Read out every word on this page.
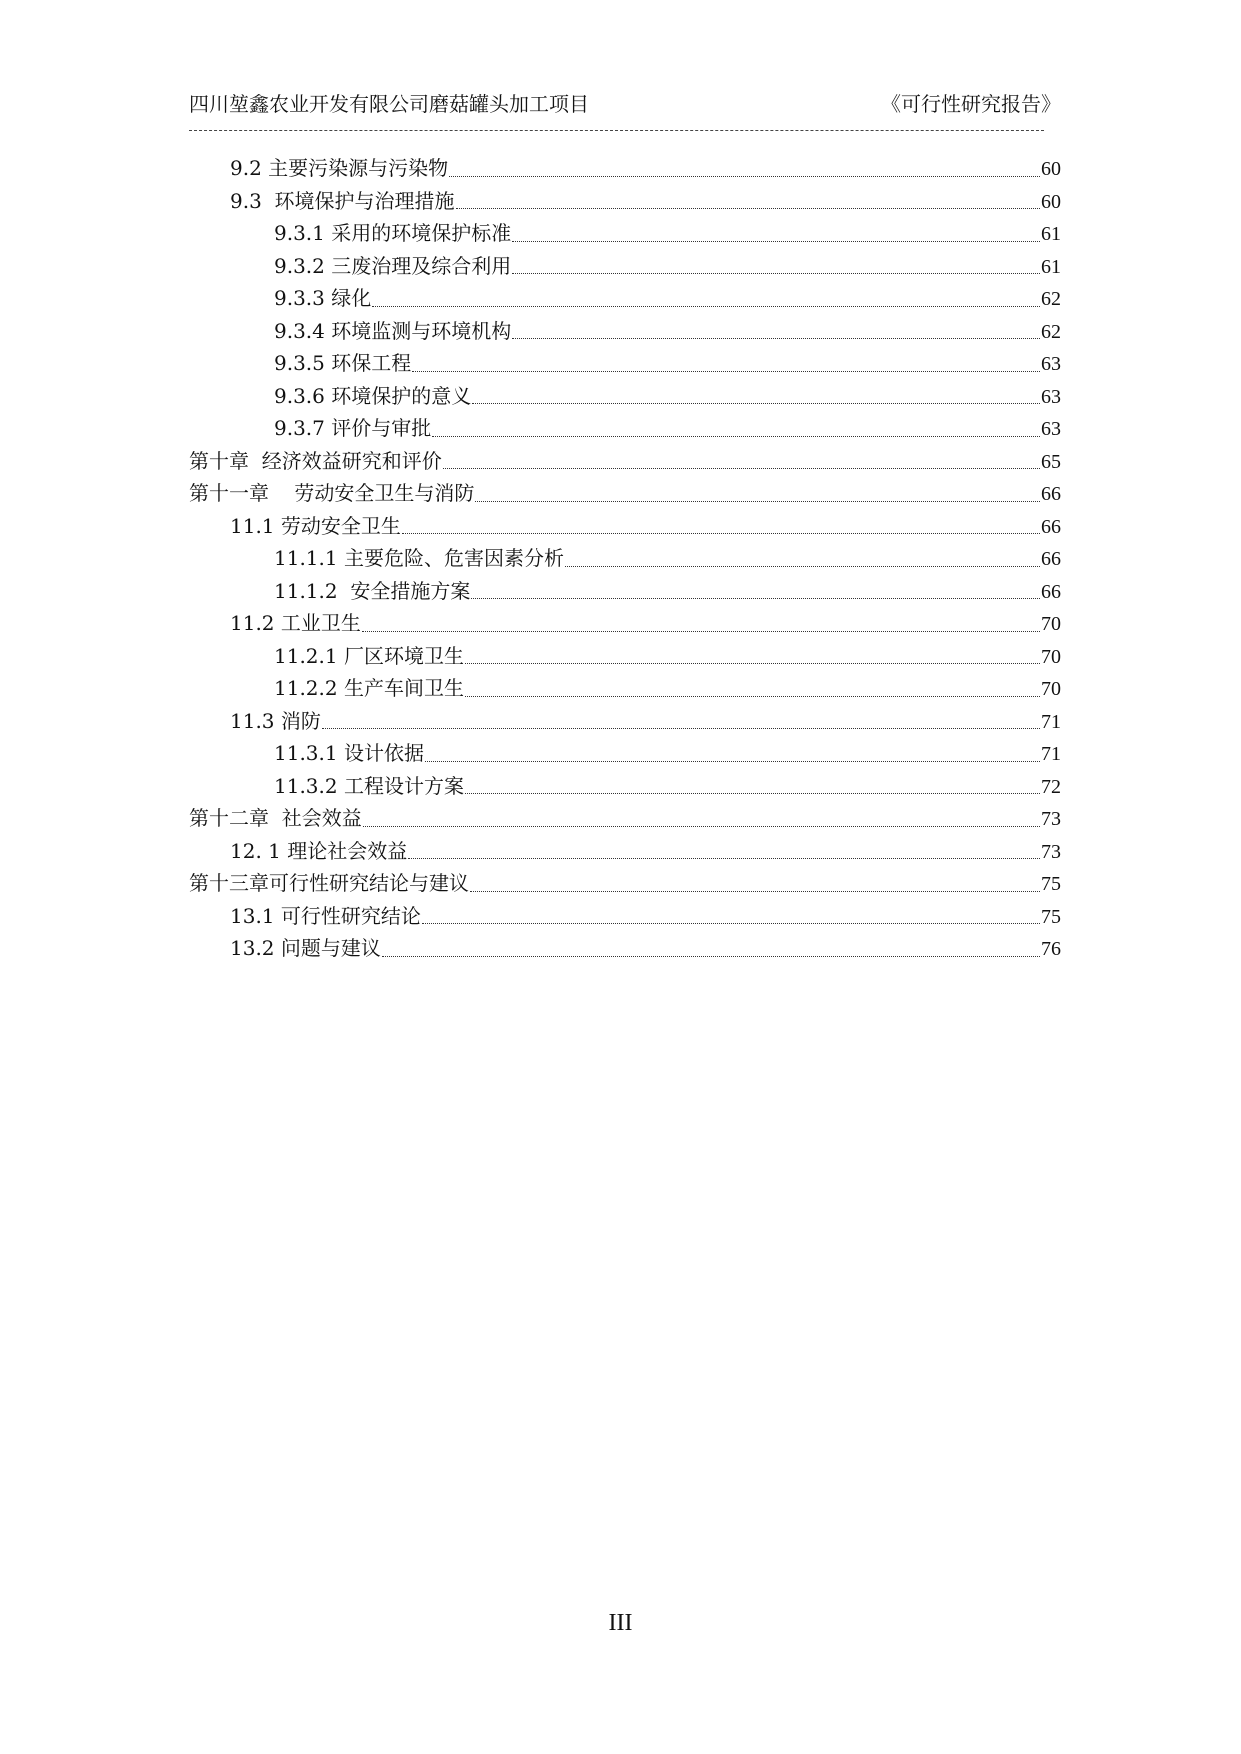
四川堃鑫农业开发有限公司磨菇罐头加工项目	《可行性研究报告》
9.2 主要污染源与污染物	60
9.3  环境保护与治理措施	60
9.3.1 采用的环境保护标准	61
9.3.2 三废治理及综合利用	61
9.3.3 绿化	62
9.3.4 环境监测与环境机构	62
9.3.5 环保工程	63
9.3.6 环境保护的意义	63
9.3.7 评价与审批	63
第十章  经济效益研究和评价	65
第十一章    劳动安全卫生与消防	66
11.1 劳动安全卫生	66
11.1.1 主要危险、危害因素分析	66
11.1.2  安全措施方案	66
11.2 工业卫生	70
11.2.1 厂区环境卫生	70
11.2.2 生产车间卫生	70
11.3 消防	71
11.3.1 设计依据	71
11.3.2 工程设计方案	72
第十二章  社会效益	73
12. 1 理论社会效益	73
第十三章可行性研究结论与建议	75
13.1 可行性研究结论	75
13.2 问题与建议	76
III
